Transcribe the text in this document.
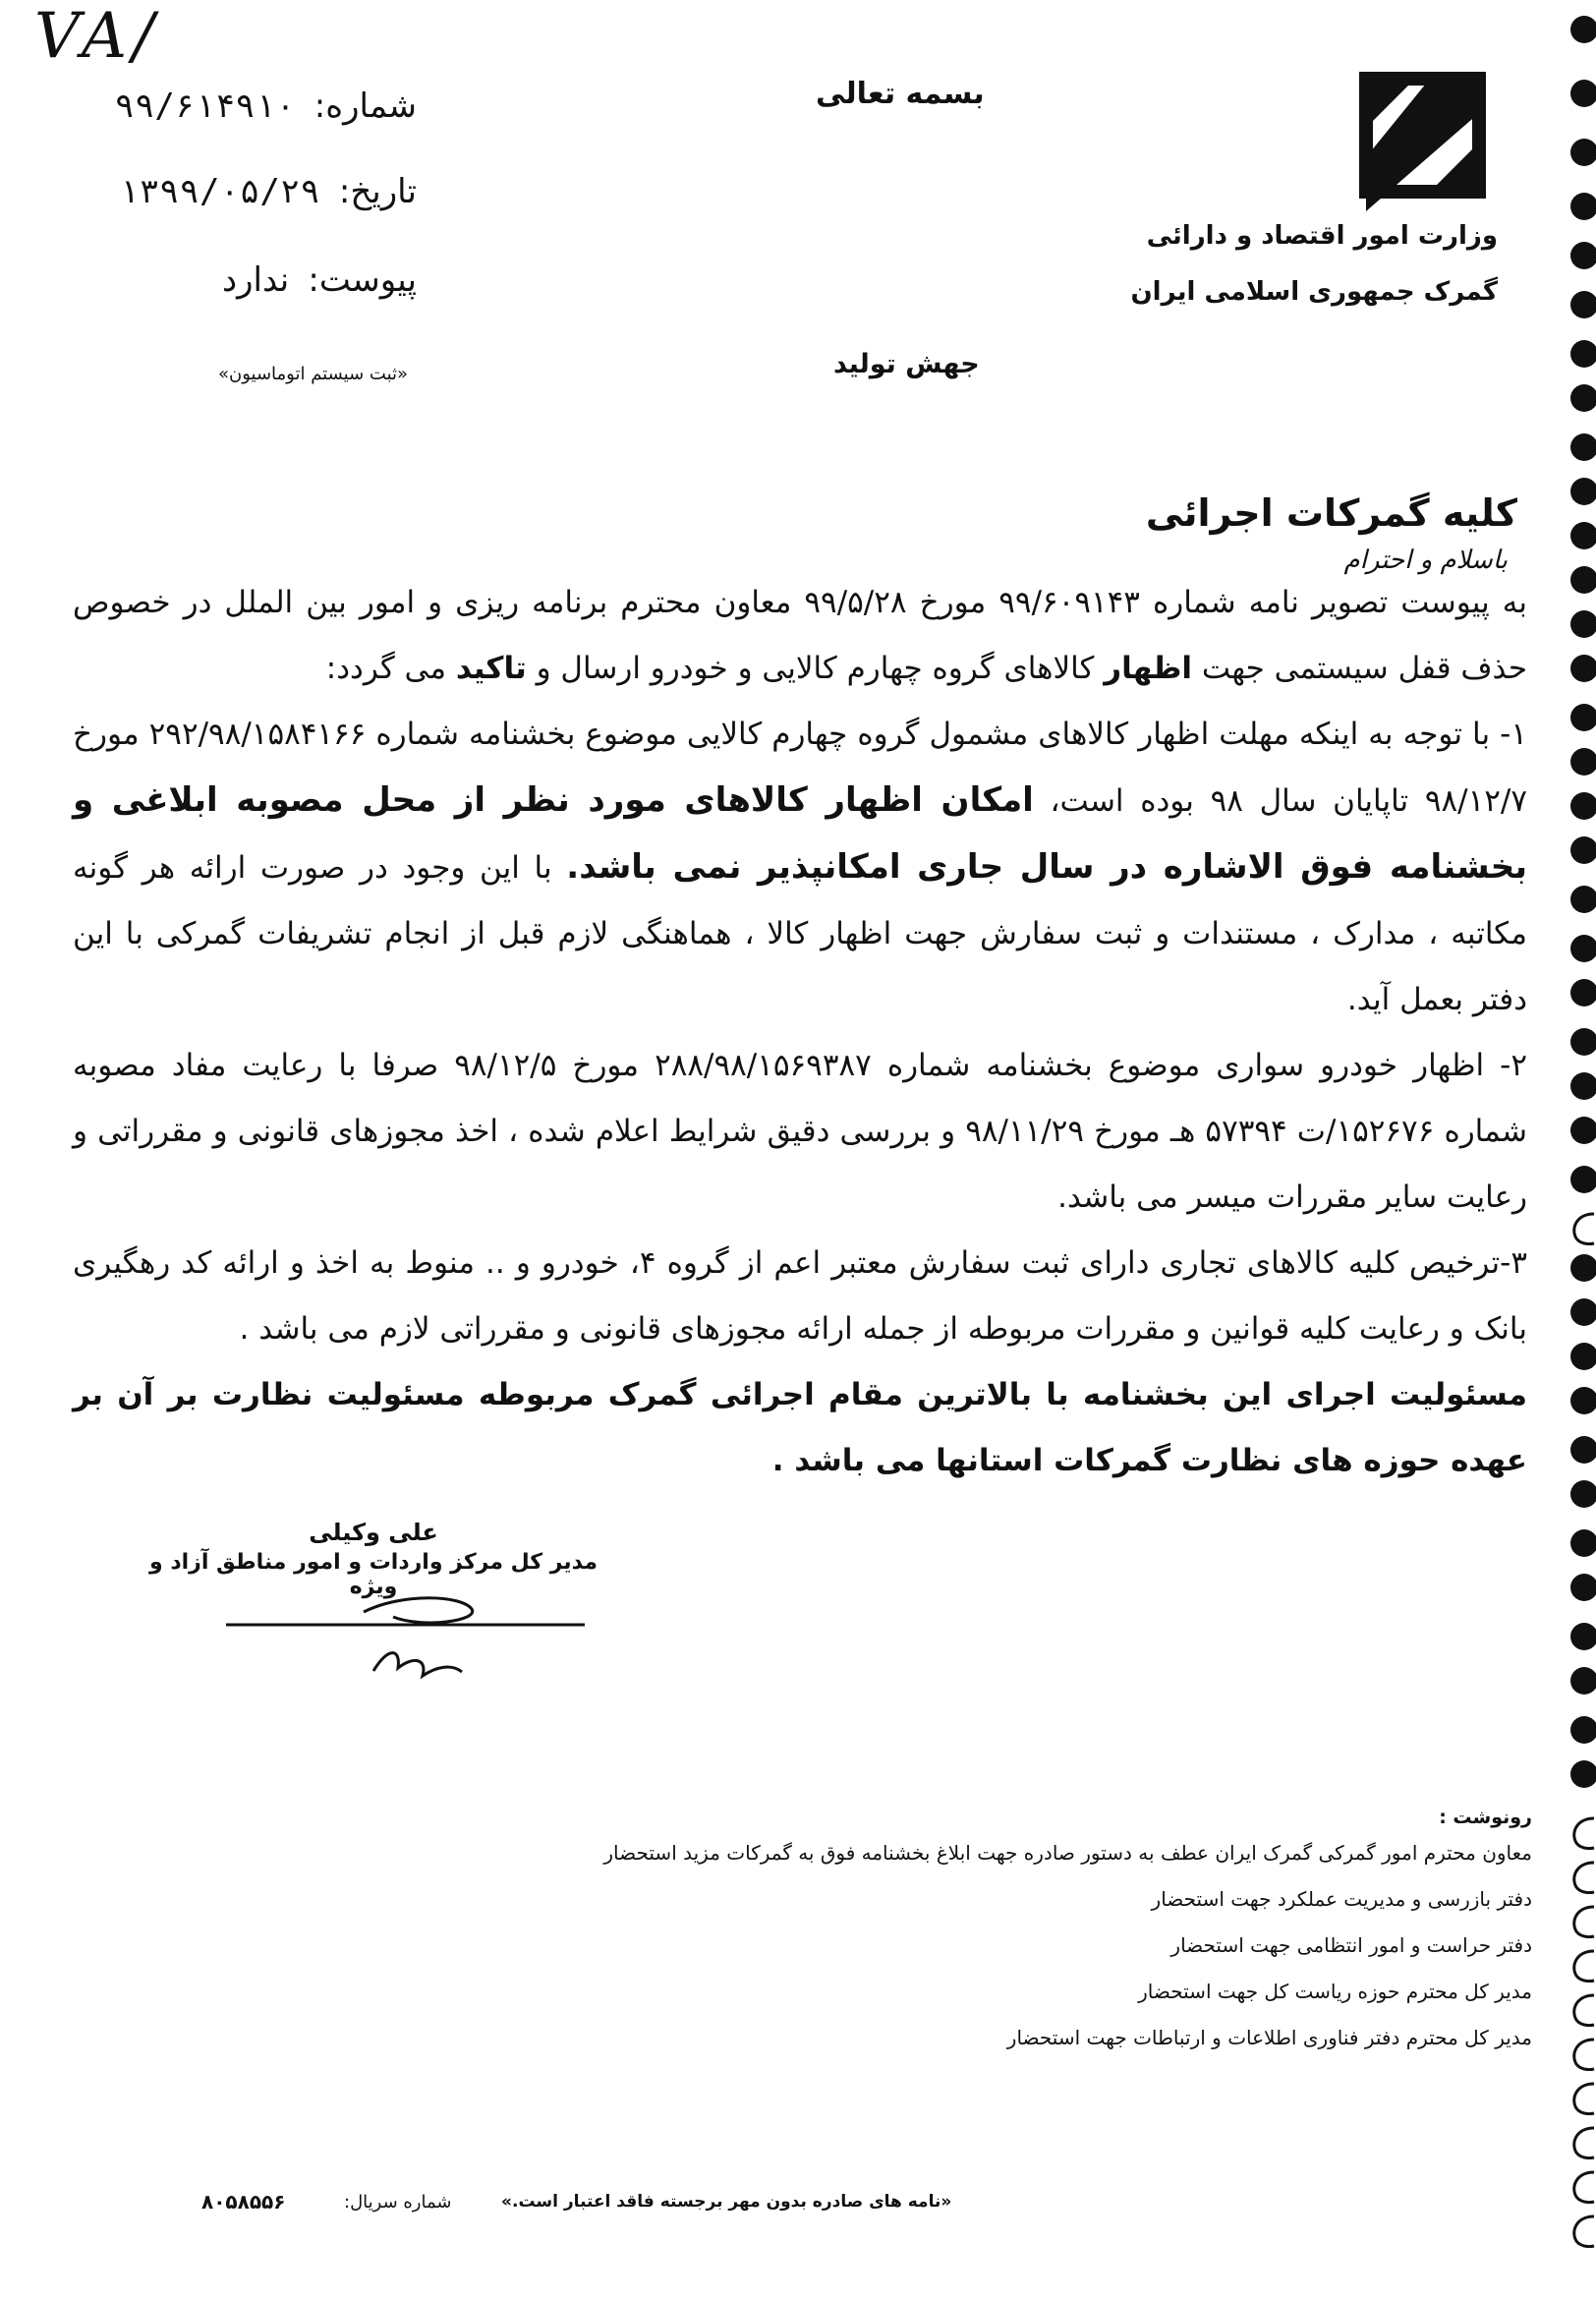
VA/
بسمه تعالی
شماره: ۹۹/۶۱۴۹۱۰
تاریخ: ۱۳۹۹/۰۵/۲۹
پیوست: ندارد
«ثبت سیستم اتوماسیون»
وزارت امور اقتصاد و دارائی
گمرک جمهوری اسلامی ایران
جهش تولید
کلیه گمرکات اجرائی
باسلام و احترام

به پیوست تصویر نامه شماره ۹۹/۶۰۹۱۴۳ مورخ ۹۹/۵/۲۸ معاون محترم برنامه ریزی و امور بین الملل در خصوص حذف قفل سیستمی جهت اظهار کالاهای گروه چهارم کالایی و خودرو ارسال و تاکید می گردد:

۱- با توجه به اینکه مهلت اظهار کالاهای مشمول گروه چهارم کالایی موضوع بخشنامه شماره ۲۹۲/۹۸/۱۵۸۴۱۶۶ مورخ ۹۸/۱۲/۷ تاپایان سال ۹۸ بوده است، امکان اظهار کالاهای مورد نظر از محل مصوبه ابلاغی و بخشنامه فوق الاشاره در سال جاری امکانپذیر نمی باشد. با این وجود در صورت ارائه هر گونه مکاتبه ، مدارک ، مستندات و ثبت سفارش جهت اظهار کالا ، هماهنگی لازم قبل از انجام تشریفات گمرکی با این دفتر بعمل آید.

۲- اظهار خودرو سواری موضوع بخشنامه شماره ۲۸۸/۹۸/۱۵۶۹۳۸۷ مورخ ۹۸/۱۲/۵ صرفا با رعایت مفاد مصوبه شماره ۱۵۲۶۷۶/ت ۵۷۳۹۴ هـ مورخ ۹۸/۱۱/۲۹ و بررسی دقیق شرایط اعلام شده ، اخذ مجوزهای قانونی و مقرراتی و رعایت سایر مقررات میسر می باشد.

۳-ترخیص کلیه کالاهای تجاری دارای ثبت سفارش معتبر اعم از گروه ۴، خودرو و .. منوط به اخذ و ارائه کد رهگیری بانک و رعایت کلیه قوانین و مقررات مربوطه از جمله ارائه مجوزهای قانونی و مقرراتی لازم می باشد .

مسئولیت اجرای این بخشنامه با بالاترین مقام اجرائی گمرک مربوطه مسئولیت نظارت بر آن بر عهده حوزه های نظارت گمرکات استانها می باشد .

علی وکیلی
مدیر کل مرکز واردات و امور مناطق آزاد و ویژه
رونوشت :
معاون محترم امور گمرکی گمرک ایران عطف به دستور صادره جهت ابلاغ بخشنامه فوق به گمرکات مزید استحضار
دفتر بازرسی و مدیریت عملکرد جهت استحضار
دفتر حراست و امور انتظامی جهت استحضار
مدیر کل محترم حوزه ریاست کل جهت استحضار
مدیر کل محترم دفتر فناوری اطلاعات و ارتباطات جهت استحضار
«نامه های صادره بدون مهر برجسته فاقد اعتبار است.»
شماره سریال:
۸۰۵۸۵۵۶
